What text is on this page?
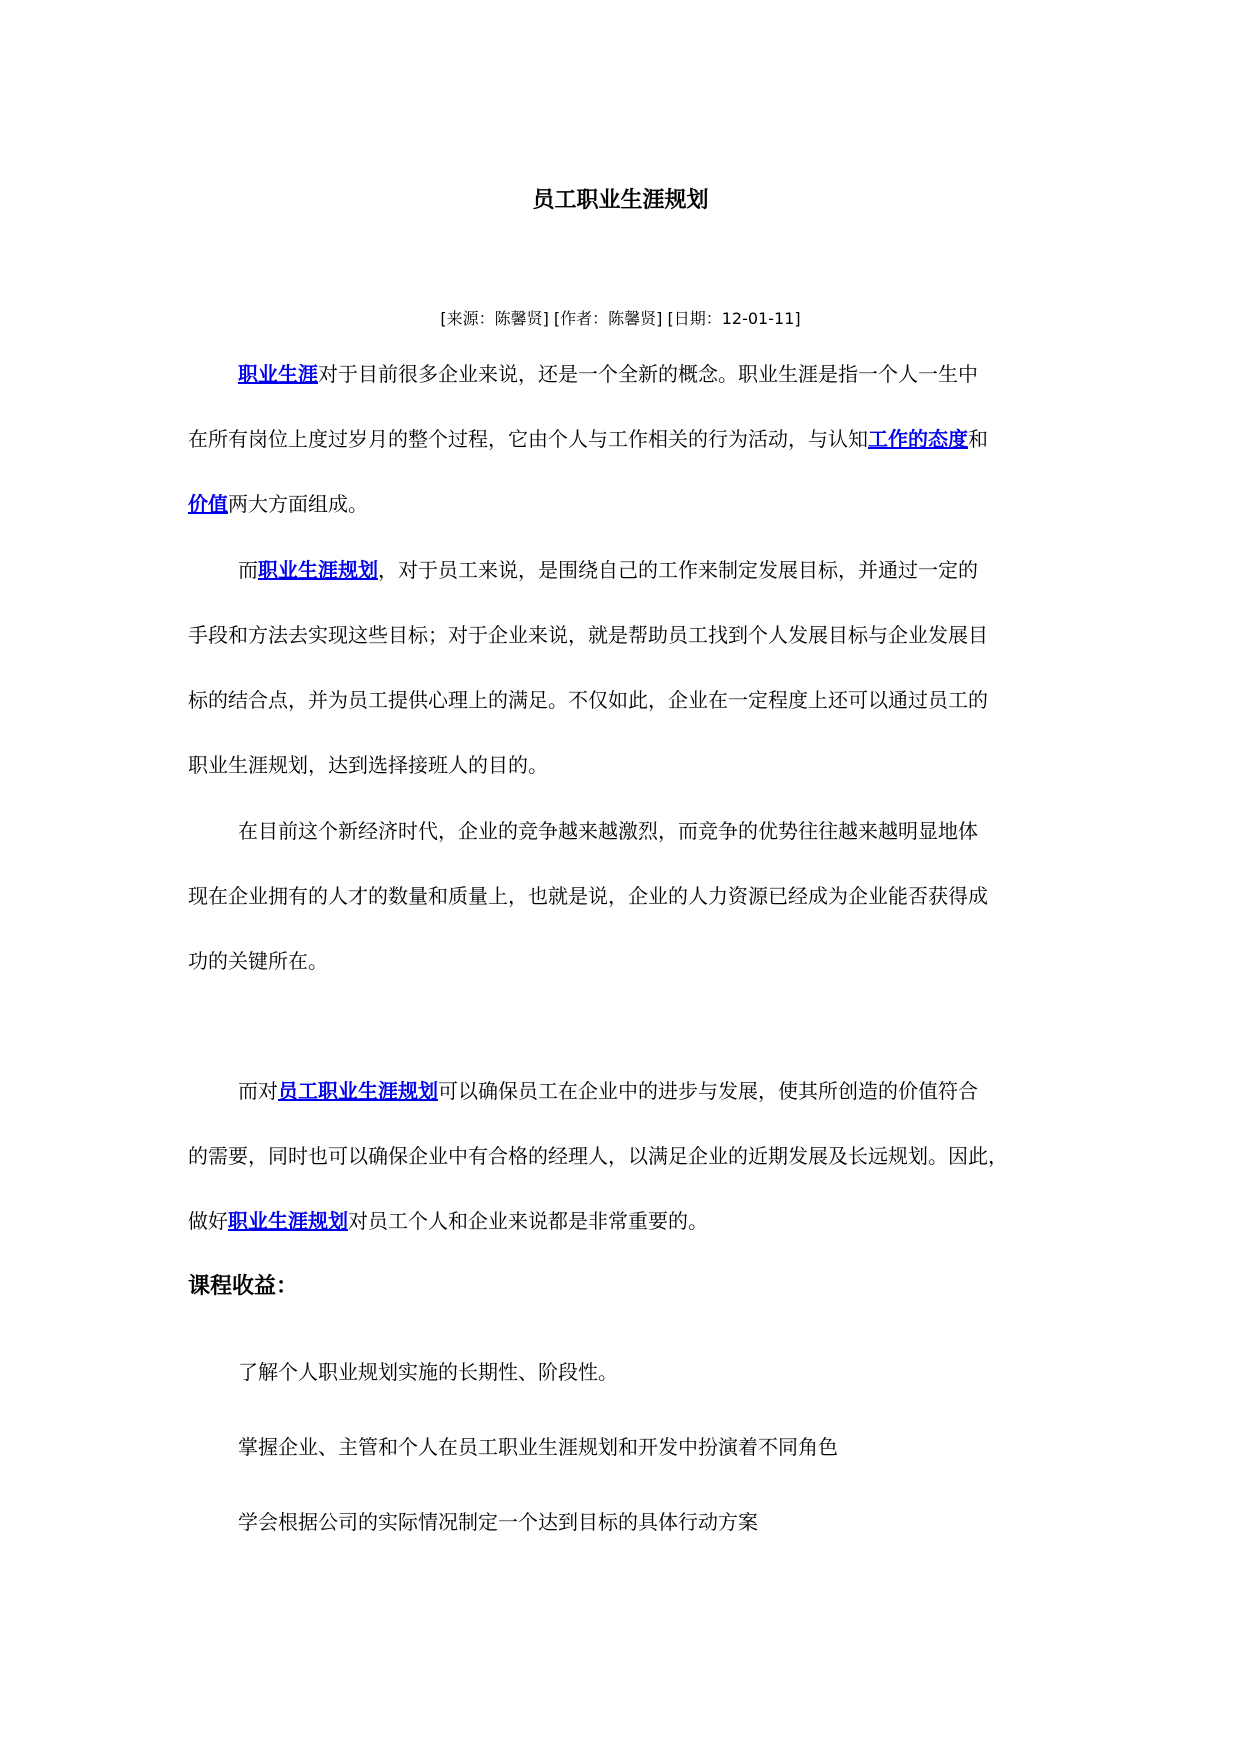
员工职业生涯规划
[来源：陈馨贤] [作者：陈馨贤] [日期：12-01-11]
职业生涯对于目前很多企业来说，还是一个全新的概念。职业生涯是指一个人一生中
在所有岗位上度过岁月的整个过程，它由个人与工作相关的行为活动，与认知工作的态度和
价值两大方面组成。
而职业生涯规划，对于员工来说，是围绕自己的工作来制定发展目标，并通过一定的
手段和方法去实现这些目标；对于企业来说，就是帮助员工找到个人发展目标与企业发展目
标的结合点，并为员工提供心理上的满足。不仅如此，企业在一定程度上还可以通过员工的
职业生涯规划，达到选择接班人的目的。
在目前这个新经济时代，企业的竞争越来越激烈，而竞争的优势往往越来越明显地体
现在企业拥有的人才的数量和质量上，也就是说，企业的人力资源已经成为企业能否获得成
功的关键所在。
而对员工职业生涯规划可以确保员工在企业中的进步与发展，使其所创造的价值符合
的需要，同时也可以确保企业中有合格的经理人，以满足企业的近期发展及长远规划。因此，
做好职业生涯规划对员工个人和企业来说都是非常重要的。
课程收益：
了解个人职业规划实施的长期性、阶段性。
掌握企业、主管和个人在员工职业生涯规划和开发中扮演着不同角色
学会根据公司的实际情况制定一个达到目标的具体行动方案
